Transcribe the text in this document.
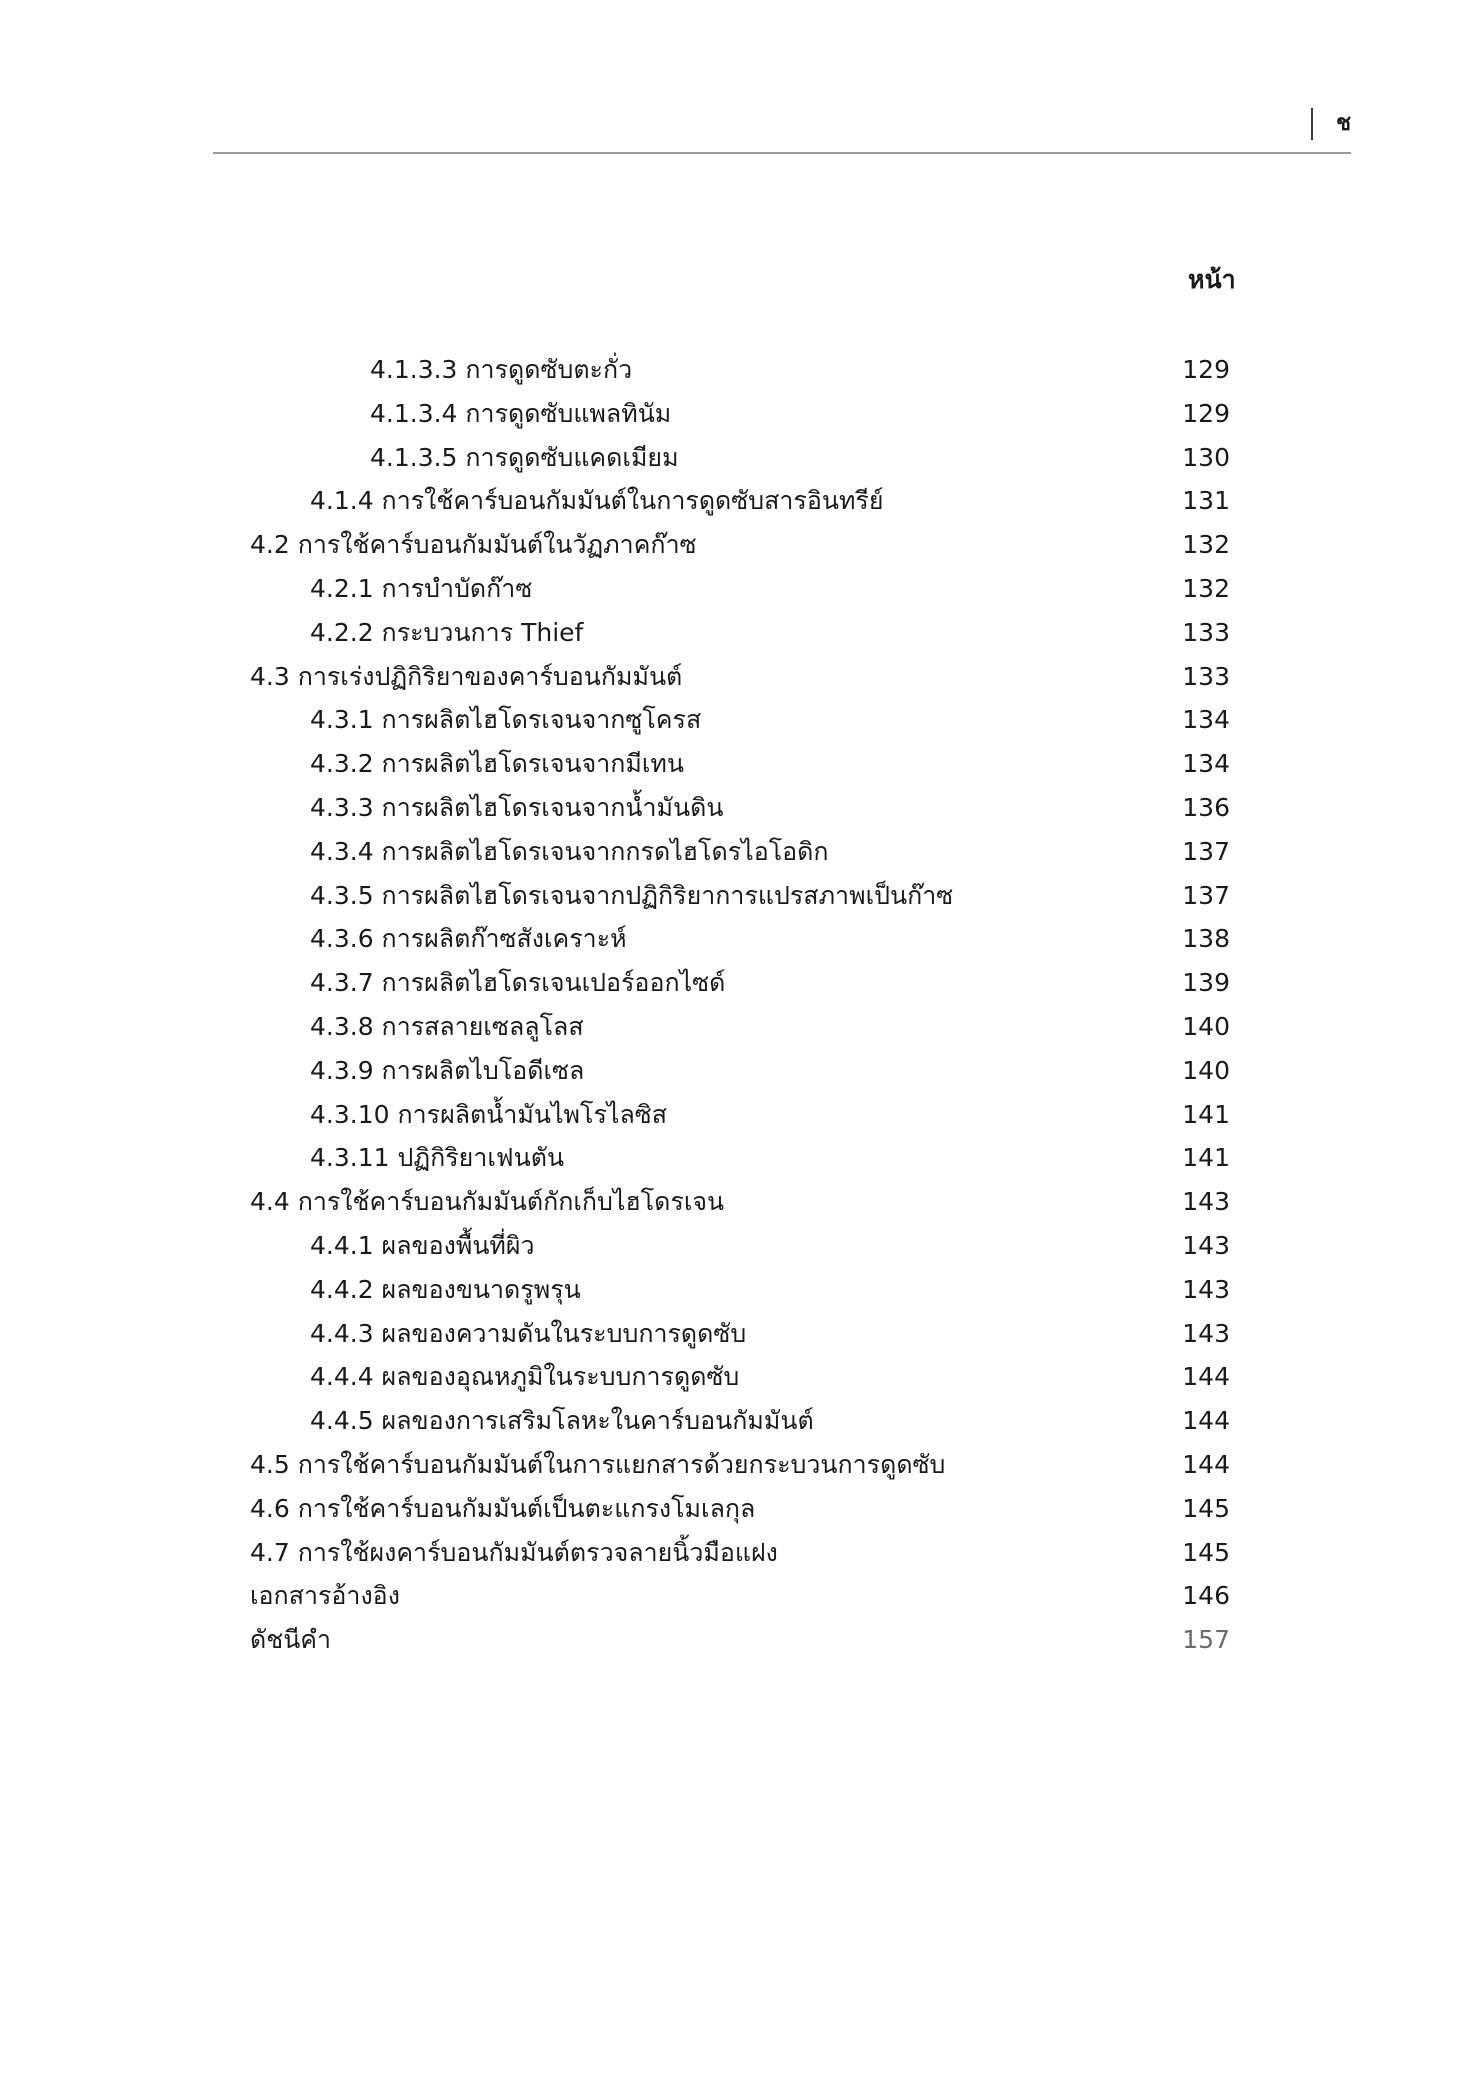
ช
หน้า
4.1.3.3 การดูดซับตะกั่ว	129
4.1.3.4 การดูดซับแพลทินัม	129
4.1.3.5 การดูดซับแคดเมียม	130
4.1.4 การใช้คาร์บอนกัมมันต์ในการดูดซับสารอินทรีย์	131
4.2 การใช้คาร์บอนกัมมันต์ในวัฏภาคก๊าซ	132
4.2.1 การบำบัดก๊าซ	132
4.2.2 กระบวนการ Thief	133
4.3 การเร่งปฏิกิริยาของคาร์บอนกัมมันต์	133
4.3.1 การผลิตไฮโดรเจนจากซูโครส	134
4.3.2 การผลิตไฮโดรเจนจากมีเทน	134
4.3.3 การผลิตไฮโดรเจนจากน้ำมันดิน	136
4.3.4 การผลิตไฮโดรเจนจากกรดไฮโดรไอโอดิก	137
4.3.5 การผลิตไฮโดรเจนจากปฏิกิริยาการแปรสภาพเป็นก๊าซ	137
4.3.6 การผลิตก๊าซสังเคราะห์	138
4.3.7 การผลิตไฮโดรเจนเปอร์ออกไซด์	139
4.3.8 การสลายเซลลูโลส	140
4.3.9 การผลิตไบโอดีเซล	140
4.3.10 การผลิตน้ำมันไพโรไลซิส	141
4.3.11 ปฏิกิริยาเฟนตัน	141
4.4 การใช้คาร์บอนกัมมันต์กักเก็บไฮโดรเจน	143
4.4.1 ผลของพื้นที่ผิว	143
4.4.2 ผลของขนาดรูพรุน	143
4.4.3 ผลของความดันในระบบการดูดซับ	143
4.4.4 ผลของอุณหภูมิในระบบการดูดซับ	144
4.4.5 ผลของการเสริมโลหะในคาร์บอนกัมมันต์	144
4.5 การใช้คาร์บอนกัมมันต์ในการแยกสารด้วยกระบวนการดูดซับ	144
4.6 การใช้คาร์บอนกัมมันต์เป็นตะแกรงโมเลกุล	145
4.7 การใช้ผงคาร์บอนกัมมันต์ตรวจลายนิ้วมือแฝง	145
เอกสารอ้างอิง	146
ดัชนีคำ	157
